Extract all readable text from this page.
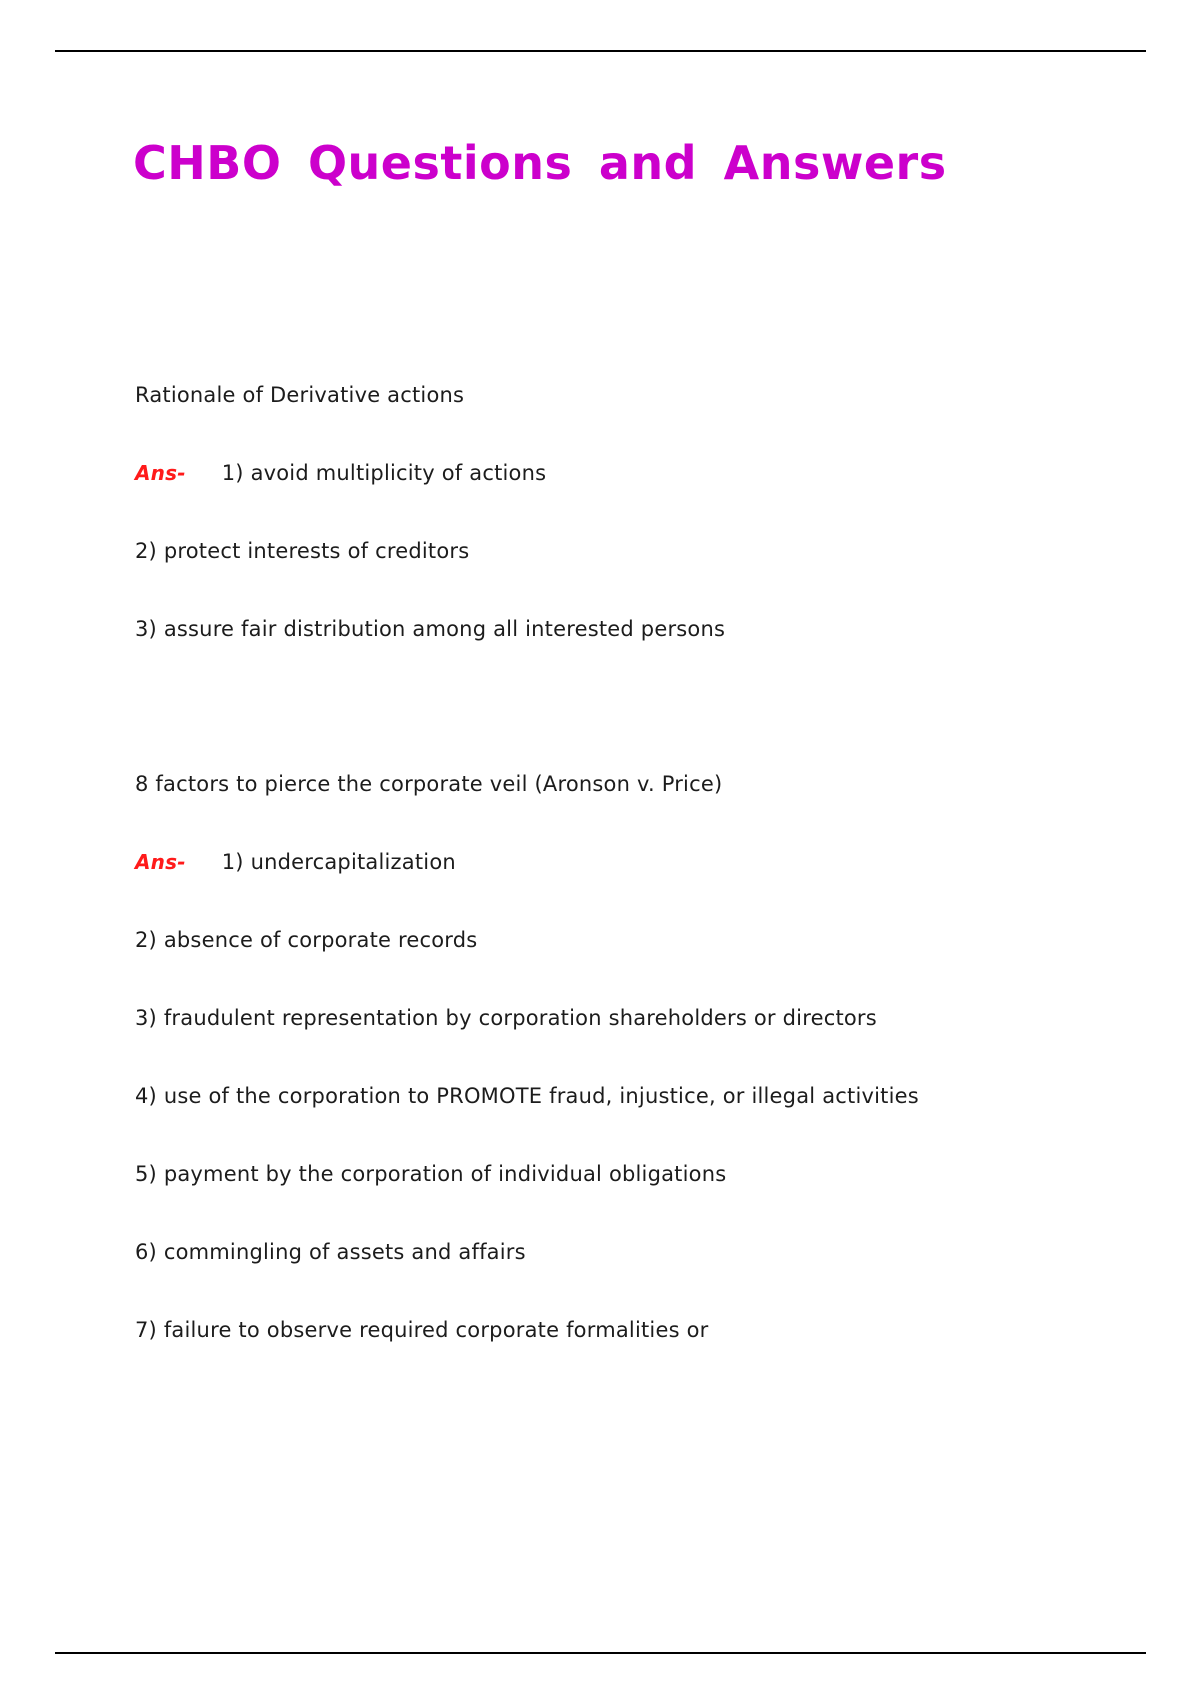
CHBO Questions and Answers

Rationale of Derivative actions

Ans- 1) avoid multiplicity of actions

2) protect interests of creditors

3) assure fair distribution among all interested persons

8 factors to pierce the corporate veil (Aronson v. Price)

Ans- 1) undercapitalization

2) absence of corporate records

3) fraudulent representation by corporation shareholders or directors

4) use of the corporation to PROMOTE fraud, injustice, or illegal activities

5) payment by the corporation of individual obligations

6) commingling of assets and affairs

7) failure to observe required corporate formalities or
